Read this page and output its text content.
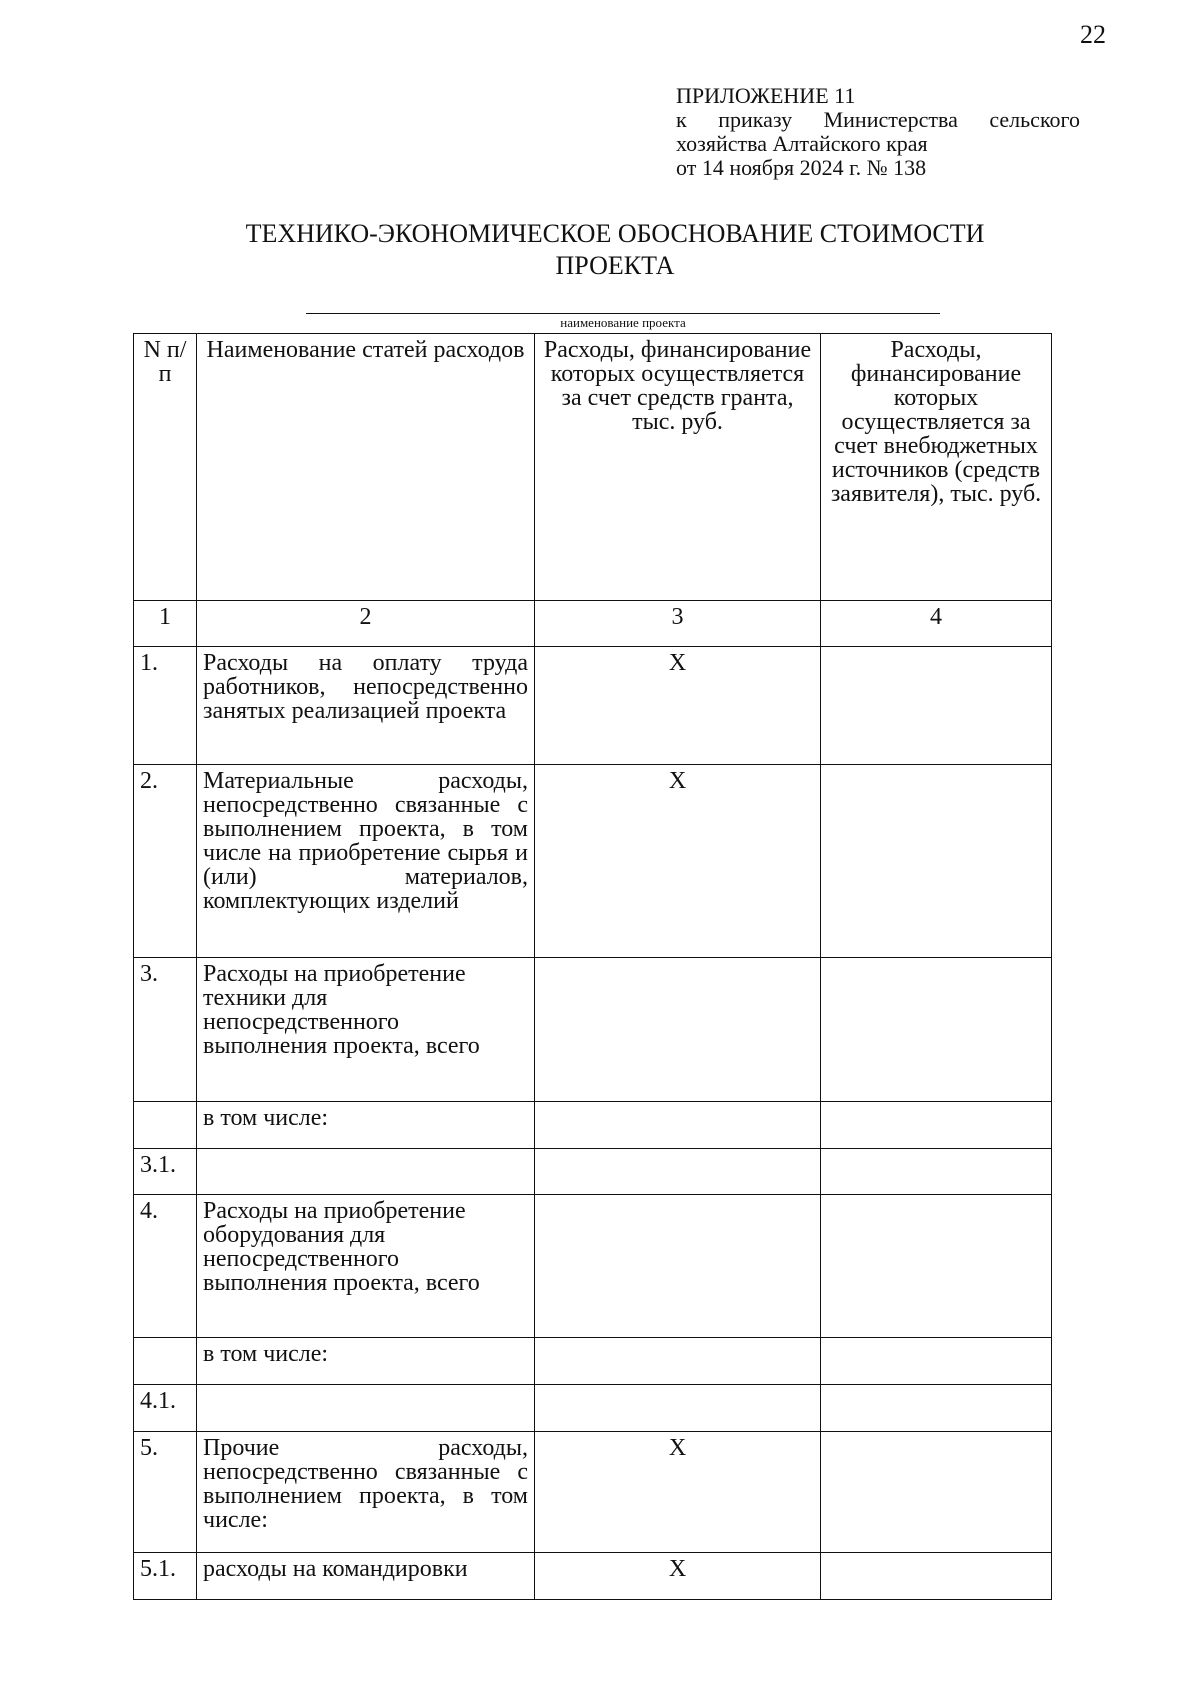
22
ПРИЛОЖЕНИЕ 11
к приказу Министерства сельского
хозяйства Алтайского края
от 14 ноября 2024 г. № 138
ТЕХНИКО-ЭКОНОМИЧЕСКОЕ ОБОСНОВАНИЕ СТОИМОСТИ
ПРОЕКТА
наименование проекта
N п/п	Наименование статей расходов	Расходы, финансирование которых осуществляется за счет средств гранта, тыс. руб.	Расходы, финансирование которых осуществляется за счет внебюджетных источников (средств заявителя), тыс. руб.
1	2	3	4
1.	Расходы на оплату труда работников, непосредственно занятых реализацией проекта	X	
2.	Материальные расходы, непосредственно связанные с выполнением проекта, в том числе на приобретение сырья и (или) материалов, комплектующих изделий	X	
3.	Расходы на приобретение техники для непосредственного выполнения проекта, всего		
	в том числе:		
3.1.			
4.	Расходы на приобретение оборудования для непосредственного выполнения проекта, всего		
	в том числе:		
4.1.			
5.	Прочие расходы, непосредственно связанные с выполнением проекта, в том числе:	X	
5.1.	расходы на командировки	X	
